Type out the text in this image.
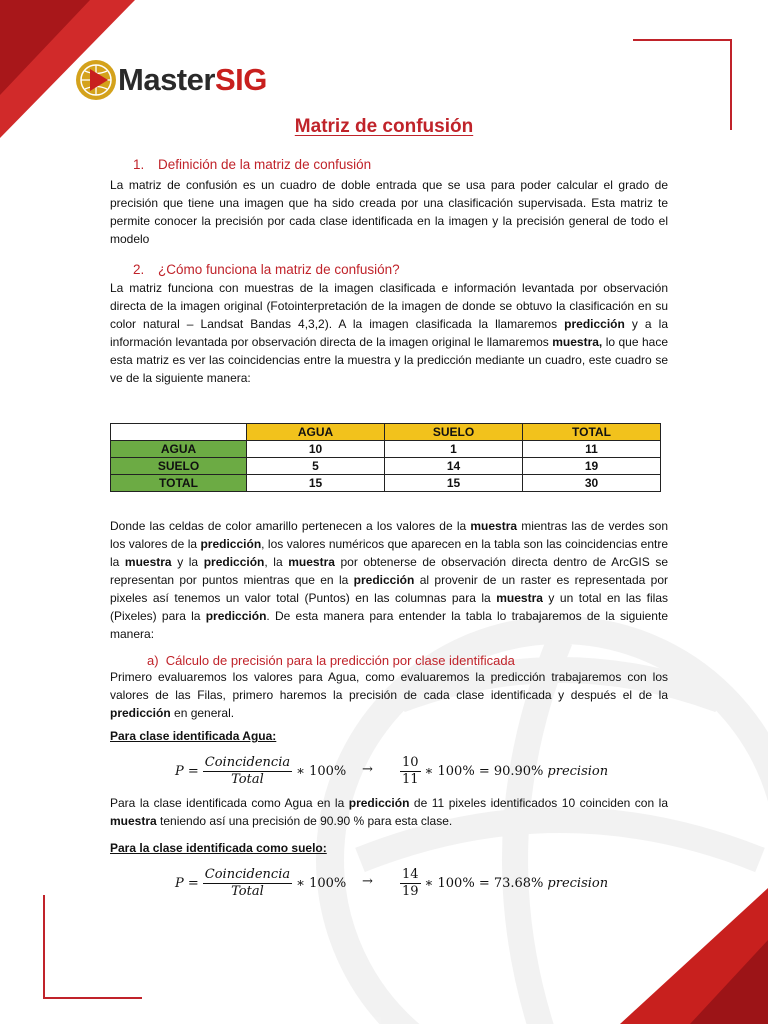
MasterSIG
Matriz de confusión
1. Definición de la matriz de confusión
La matriz de confusión es un cuadro de doble entrada que se usa para poder calcular el grado de precisión que tiene una imagen que ha sido creada por una clasificación supervisada. Esta matriz te permite conocer la precisión por cada clase identificada en la imagen y la precisión general de todo el modelo
2. ¿Cómo funciona la matriz de confusión?
La matriz funciona con muestras de la imagen clasificada e información levantada por observación directa de la imagen original (Fotointerpretación de la imagen de donde se obtuvo la clasificación en su color natural – Landsat Bandas 4,3,2). A la imagen clasificada la llamaremos predicción y a la información levantada por observación directa de la imagen original le llamaremos muestra, lo que hace esta matriz es ver las coincidencias entre la muestra y la predicción mediante un cuadro, este cuadro se ve de la siguiente manera:
	AGUA	SUELO	TOTAL
AGUA	10	1	11
SUELO	5	14	19
TOTAL	15	15	30
Donde las celdas de color amarillo pertenecen a los valores de la muestra mientras las de verdes son los valores de la predicción, los valores numéricos que aparecen en la tabla son las coincidencias entre la muestra y la predicción, la muestra por obtenerse de observación directa dentro de ArcGIS se representan por puntos mientras que en la predicción al provenir de un raster es representada por pixeles así tenemos un valor total (Puntos) en las columnas para la muestra y un total en las filas (Pixeles) para la predicción. De esta manera para entender la tabla lo trabajaremos de la siguiente manera:
a)  Cálculo de precisión para la predicción por clase identificada
Primero evaluaremos los valores para Agua, como evaluaremos la predicción trabajaremos con los valores de las Filas, primero haremos la precisión de cada clase identificada y después el de la predicción en general.
Para clase identificada Agua:
$P = \frac{\text{Coincidencia}}{\text{Total}}$ ∗ $100\% \to \frac{10}{11}$ ∗ 100% = 90.90% precision
Para la clase identificada como Agua en la predicción de 11 pixeles identificados 10 coinciden con la muestra teniendo así una precisión de 90.90 % para esta clase.
Para la clase identificada como suelo:
$P = \frac{\text{Coincidencia}}{\text{Total}}$ ∗ $100\% \to \frac{14}{19}$ ∗ 100% = 73.68% precision
